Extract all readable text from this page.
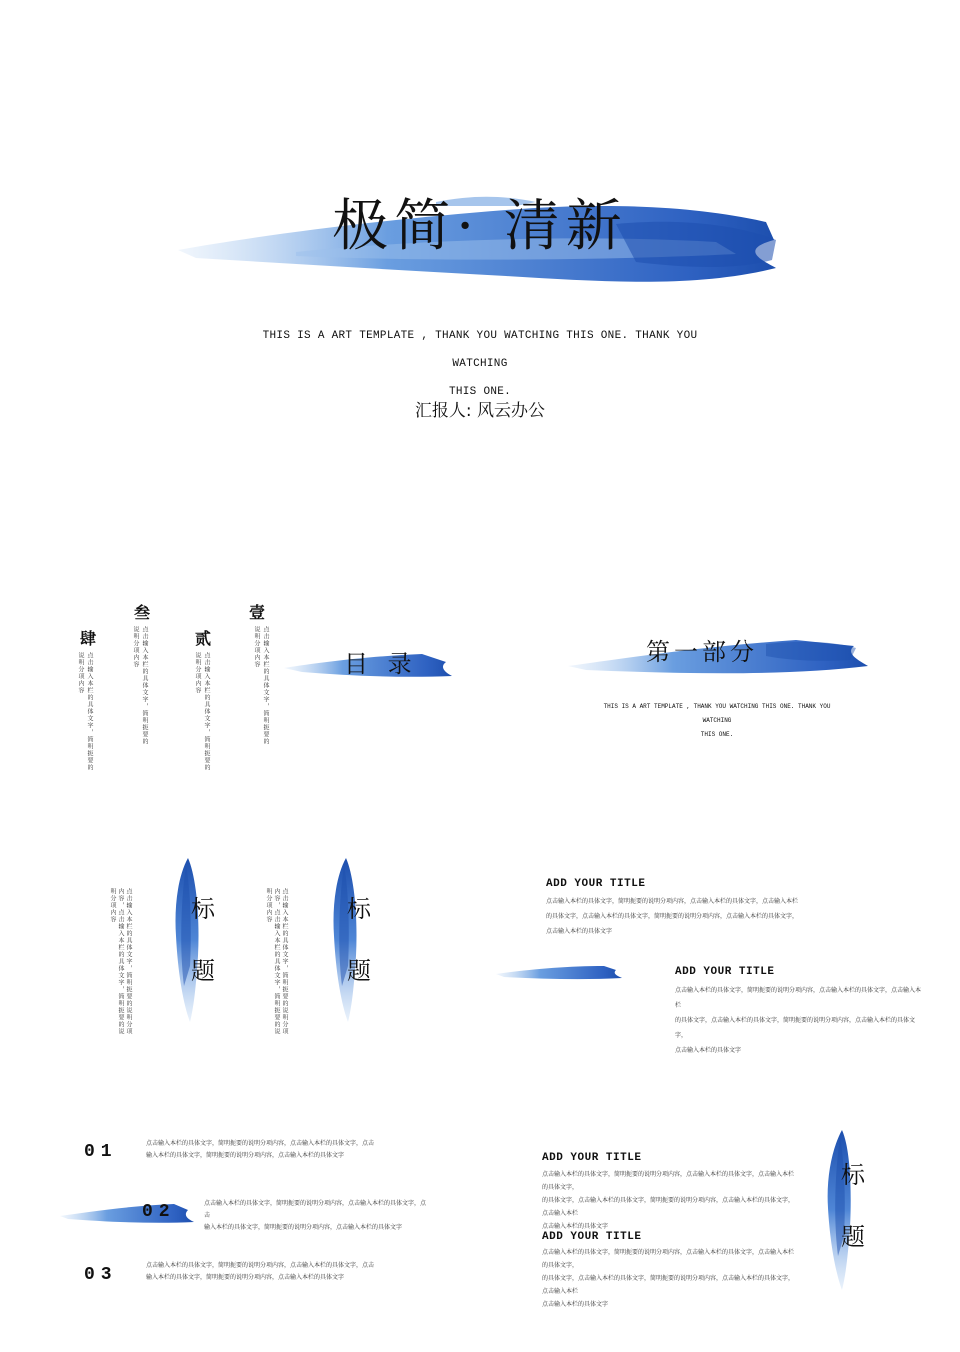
极简· 清新
THIS IS A ART TEMPLATE , THANK YOU WATCHING THIS ONE. THANK YOU WATCHING
THIS ONE.
汇报人: 风云办公
壹
点击输入本栏的具体文字，简明扼要的说明分项内容
贰
点击输入本栏的具体文字，简明扼要的说明分项内容
叁
点击输入本栏的具体文字，简明扼要的说明分项内容
肆
点击输入本栏的具体文字，简明扼要的说明分项内容	目 录	第一部分
THIS IS A ART TEMPLATE , THANK YOU WATCHING THIS ONE. THANK YOU WATCHING
THIS ONE.
标
题
点击输入本栏的具体文字，简明扼要的说明分项内容，点击输入本栏的具体文字，简明扼要的说明分项内容	标
题
点击输入本栏的具体文字，简明扼要的说明分项内容，点击输入本栏的具体文字，简明扼要的说明分项内容
ADD YOUR TITLE
点击输入本栏的具体文字，简明扼要的说明分项内容，点击输入本栏的具体文字，点击输入本栏
的具体文字，点击输入本栏的具体文字，简明扼要的说明分项内容，点击输入本栏的具体文字，
点击输入本栏的具体文字
ADD YOUR TITLE
点击输入本栏的具体文字，简明扼要的说明分项内容，点击输入本栏的具体文字，点击输入本栏
的具体文字，点击输入本栏的具体文字，简明扼要的说明分项内容，点击输入本栏的具体文字，
点击输入本栏的具体文字
01	点击输入本栏的具体文字，简明扼要的说明分项内容，点击输入本栏的具体文字，点击
输入本栏的具体文字，简明扼要的说明分项内容，点击输入本栏的具体文字
02	点击输入本栏的具体文字，简明扼要的说明分项内容，点击输入本栏的具体文字，点击
输入本栏的具体文字，简明扼要的说明分项内容，点击输入本栏的具体文字
03	点击输入本栏的具体文字，简明扼要的说明分项内容，点击输入本栏的具体文字，点击
输入本栏的具体文字，简明扼要的说明分项内容，点击输入本栏的具体文字
ADD YOUR TITLE
点击输入本栏的具体文字，简明扼要的说明分项内容，点击输入本栏的具体文字，点击输入本栏的具体文字，
的具体文字，点击输入本栏的具体文字，简明扼要的说明分项内容，点击输入本栏的具体文字，点击输入本栏
点击输入本栏的具体文字
ADD YOUR TITLE
点击输入本栏的具体文字，简明扼要的说明分项内容，点击输入本栏的具体文字，点击输入本栏的具体文字，
的具体文字，点击输入本栏的具体文字，简明扼要的说明分项内容，点击输入本栏的具体文字，点击输入本栏
点击输入本栏的具体文字
标
题
